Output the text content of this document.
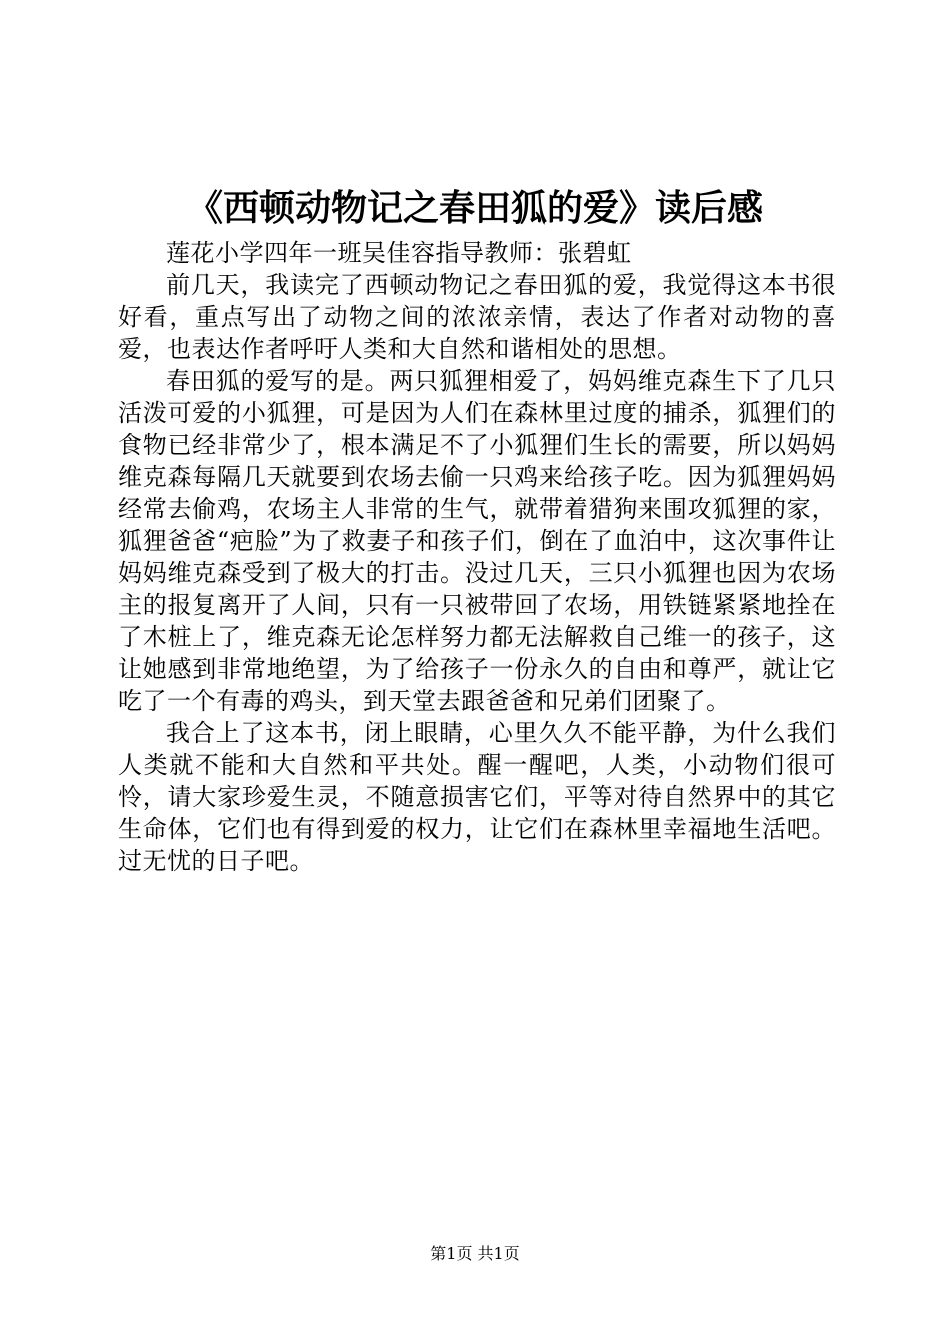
《西顿动物记之春田狐的爱》读后感

莲花小学四年一班吴佳容指导教师：张碧虹

前几天，我读完了西顿动物记之春田狐的爱，我觉得这本书很好看，重点写出了动物之间的浓浓亲情，表达了作者对动物的喜爱，也表达作者呼吁人类和大自然和谐相处的思想。

春田狐的爱写的是。两只狐狸相爱了，妈妈维克森生下了几只活泼可爱的小狐狸，可是因为人们在森林里过度的捕杀，狐狸们的食物已经非常少了，根本满足不了小狐狸们生长的需要，所以妈妈维克森每隔几天就要到农场去偷一只鸡来给孩子吃。因为狐狸妈妈经常去偷鸡，农场主人非常的生气，就带着猎狗来围攻狐狸的家，狐狸爸爸“疤脸”为了救妻子和孩子们，倒在了血泊中，这次事件让妈妈维克森受到了极大的打击。没过几天，三只小狐狸也因为农场主的报复离开了人间，只有一只被带回了农场，用铁链紧紧地拴在了木桩上了，维克森无论怎样努力都无法解救自己维一的孩子，这让她感到非常地绝望，为了给孩子一份永久的自由和尊严，就让它吃了一个有毒的鸡头，到天堂去跟爸爸和兄弟们团聚了。

我合上了这本书，闭上眼睛，心里久久不能平静，为什么我们人类就不能和大自然和平共处。醒一醒吧，人类，小动物们很可怜，请大家珍爱生灵，不随意损害它们，平等对待自然界中的其它生命体，它们也有得到爱的权力，让它们在森林里幸福地生活吧。过无忧的日子吧。

第1页 共1页
